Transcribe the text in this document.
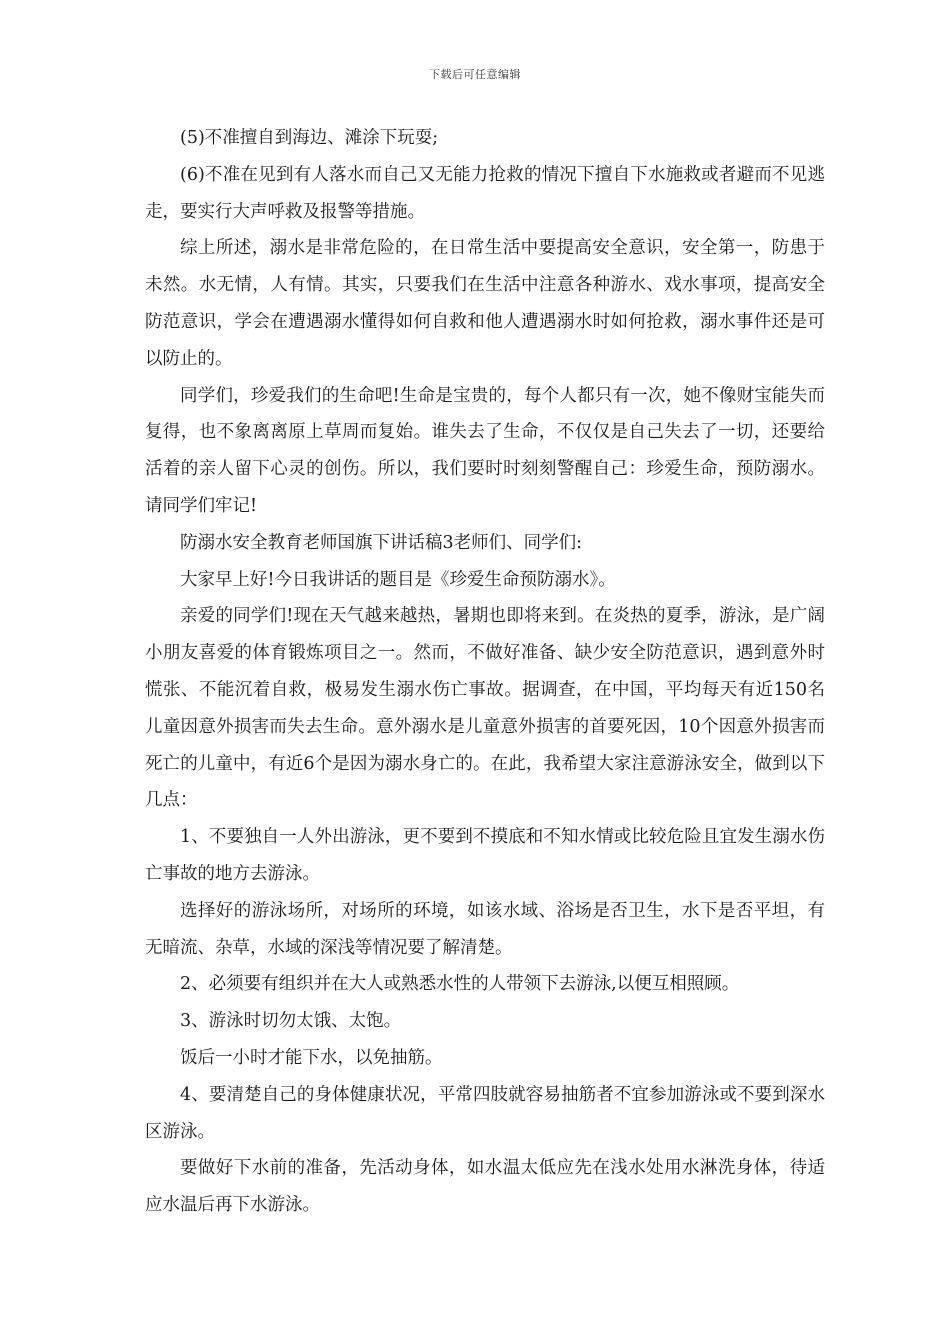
下载后可任意编辑

(5)不准擅自到海边、滩涂下玩耍;

(6)不准在见到有人落水而自己又无能力抢救的情况下擅自下水施救或者避而不见逃走，要实行大声呼救及报警等措施。

综上所述，溺水是非常危险的，在日常生活中要提高安全意识，安全第一，防患于未然。水无情，人有情。其实，只要我们在生活中注意各种游水、戏水事项，提高安全防范意识，学会在遭遇溺水懂得如何自救和他人遭遇溺水时如何抢救，溺水事件还是可以防止的。

同学们，珍爱我们的生命吧!生命是宝贵的，每个人都只有一次，她不像财宝能失而复得，也不象离离原上草周而复始。谁失去了生命，不仅仅是自己失去了一切，还要给活着的亲人留下心灵的创伤。所以，我们要时时刻刻警醒自己：珍爱生命，预防溺水。请同学们牢记!

防溺水安全教育老师国旗下讲话稿3老师们、同学们:

大家早上好!今日我讲话的题目是《珍爱生命预防溺水》。

亲爱的同学们!现在天气越来越热，暑期也即将来到。在炎热的夏季，游泳，是广阔小朋友喜爱的体育锻炼项目之一。然而，不做好准备、缺少安全防范意识，遇到意外时慌张、不能沉着自救，极易发生溺水伤亡事故。据调查，在中国，平均每天有近150名儿童因意外损害而失去生命。意外溺水是儿童意外损害的首要死因，10个因意外损害而死亡的儿童中，有近6个是因为溺水身亡的。在此，我希望大家注意游泳安全，做到以下几点：

1、不要独自一人外出游泳，更不要到不摸底和不知水情或比较危险且宜发生溺水伤亡事故的地方去游泳。

选择好的游泳场所，对场所的环境，如该水域、浴场是否卫生，水下是否平坦，有无暗流、杂草，水域的深浅等情况要了解清楚。

2、必须要有组织并在大人或熟悉水性的人带领下去游泳,以便互相照顾。

3、游泳时切勿太饿、太饱。

饭后一小时才能下水，以免抽筋。

4、要清楚自己的身体健康状况，平常四肢就容易抽筋者不宜参加游泳或不要到深水区游泳。

要做好下水前的准备，先活动身体，如水温太低应先在浅水处用水淋洗身体，待适应水温后再下水游泳。
